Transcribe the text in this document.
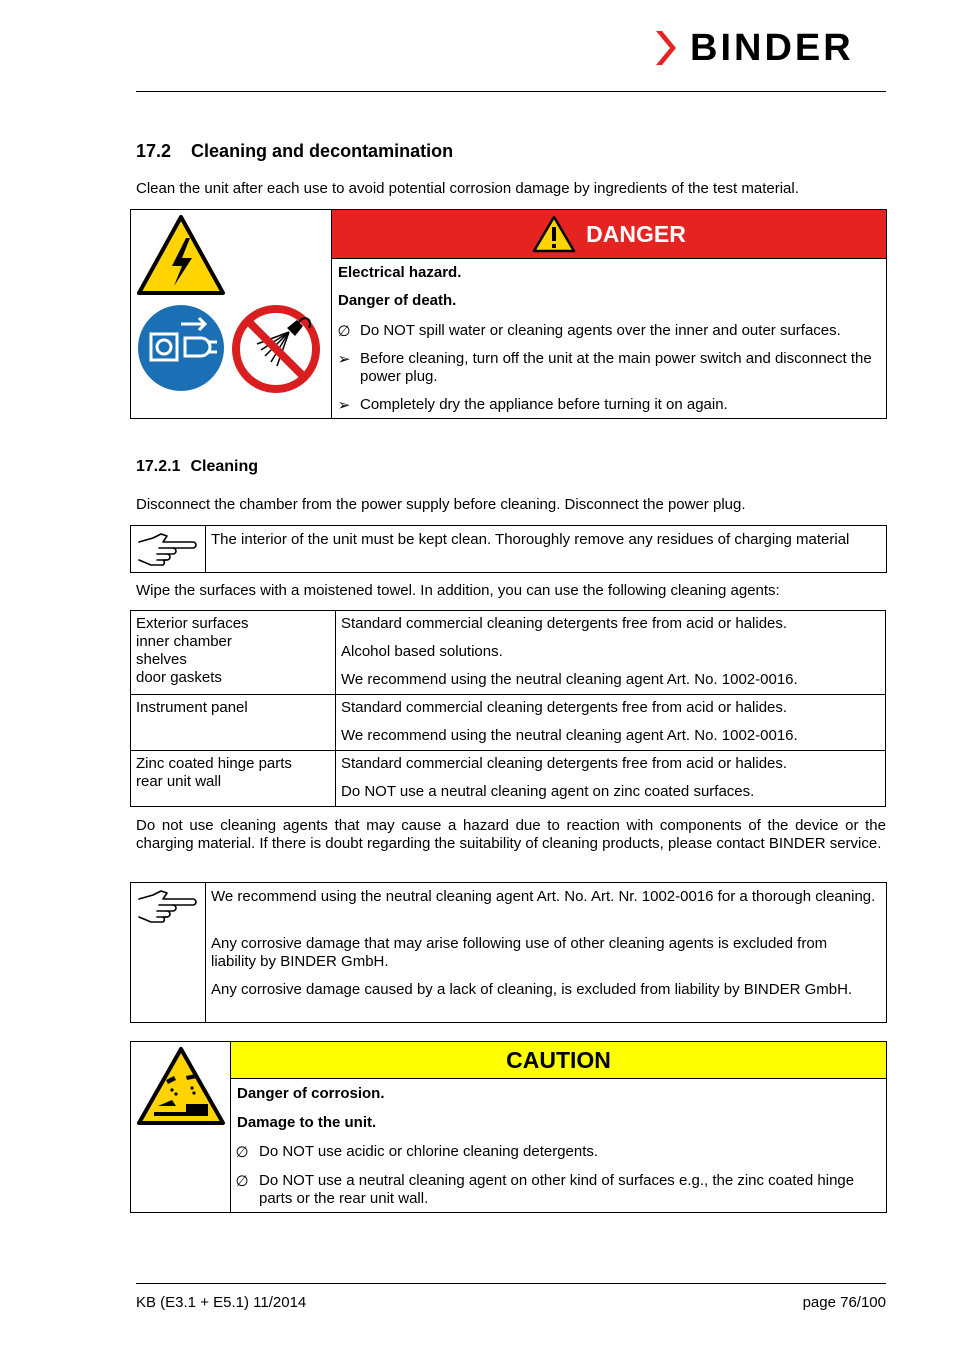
BINDER
17.2 Cleaning and decontamination

Clean the unit after each use to avoid potential corrosion damage by ingredients of the test material.

DANGER
Electrical hazard.
Danger of death.
∅ Do NOT spill water or cleaning agents over the inner and outer surfaces.
➢ Before cleaning, turn off the unit at the main power switch and disconnect the power plug.
➢ Completely dry the appliance before turning it on again.
17.2.1 Cleaning

Disconnect the chamber from the power supply before cleaning. Disconnect the power plug.

The interior of the unit must be kept clean. Thoroughly remove any residues of charging material

Wipe the surfaces with a moistened towel. In addition, you can use the following cleaning agents:

Exterior surfaces
inner chamber
shelves
door gaskets	Standard commercial cleaning detergents free from acid or halides.
	Alcohol based solutions.
	We recommend using the neutral cleaning agent Art. No. 1002-0016.

Instrument panel	Standard commercial cleaning detergents free from acid or halides.
	We recommend using the neutral cleaning agent Art. No. 1002-0016.

Zinc coated hinge parts
rear unit wall	Standard commercial cleaning detergents free from acid or halides.
	Do NOT use a neutral cleaning agent on zinc coated surfaces.

Do not use cleaning agents that may cause a hazard due to reaction with components of the device or the charging material. If there is doubt regarding the suitability of cleaning products, please contact BINDER service.

We recommend using the neutral cleaning agent Art. No. Art. Nr. 1002-0016 for a thorough cleaning.
Any corrosive damage that may arise following use of other cleaning agents is excluded from liability by BINDER GmbH.
Any corrosive damage caused by a lack of cleaning, is excluded from liability by BINDER GmbH.
CAUTION
Danger of corrosion.
Damage to the unit.
∅ Do NOT use acidic or chlorine cleaning detergents.
∅ Do NOT use a neutral cleaning agent on other kind of surfaces e.g., the zinc coated hinge parts or the rear unit wall.
KB (E3.1 + E5.1) 11/2014	page 76/100
